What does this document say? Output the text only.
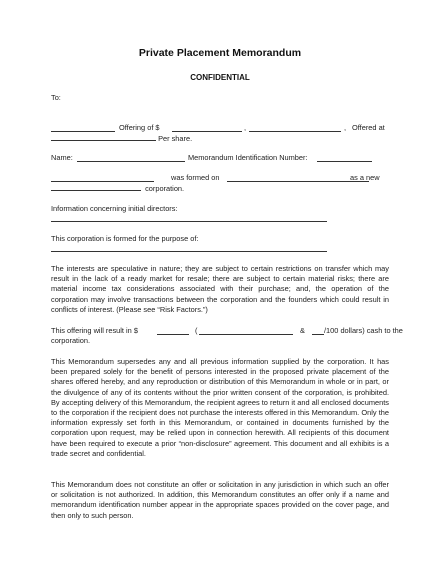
Private Placement Memorandum
CONFIDENTIAL
To:
Offering of $	,	, Offered at
Per share.
Name:	Memorandum Identification Number:
was formed on	as a new
corporation.
Information concerning initial directors:
This corporation is formed for the purpose of:
The interests are speculative in nature; they are subject to certain restrictions on transfer which may result in the lack of a ready market for resale; there are subject to certain material risks; there are material income tax considerations associated with their purchase; and, the operation of the corporation may involve transactions between the corporation and the founders which could result in conflicts of interest. (Please see “Risk Factors.”)
This offering will result in $	(	&	/100 dollars) cash to the
corporation.
This Memorandum supersedes any and all previous information supplied by the corporation. It has been prepared solely for the benefit of persons interested in the proposed private placement of the shares offered hereby, and any reproduction or distribution of this Memorandum in whole or in part, or the divulgence of any of its contents without the prior written consent of the corporation, is prohibited. By accepting delivery of this Memorandum, the recipient agrees to return it and all enclosed documents to the corporation if the recipient does not purchase the interests offered in this Memorandum. Only the information expressly set forth in this Memorandum, or contained in documents furnished by the corporation upon request, may be relied upon in connection herewith. All recipients of this document have been required to execute a prior “non-disclosure” agreement. This document and all exhibits is a trade secret and confidential.
This Memorandum does not constitute an offer or solicitation in any jurisdiction in which such an offer or solicitation is not authorized. In addition, this Memorandum constitutes an offer only if a name and memorandum identification number appear in the appropriate spaces provided on the cover page, and then only to such person.
